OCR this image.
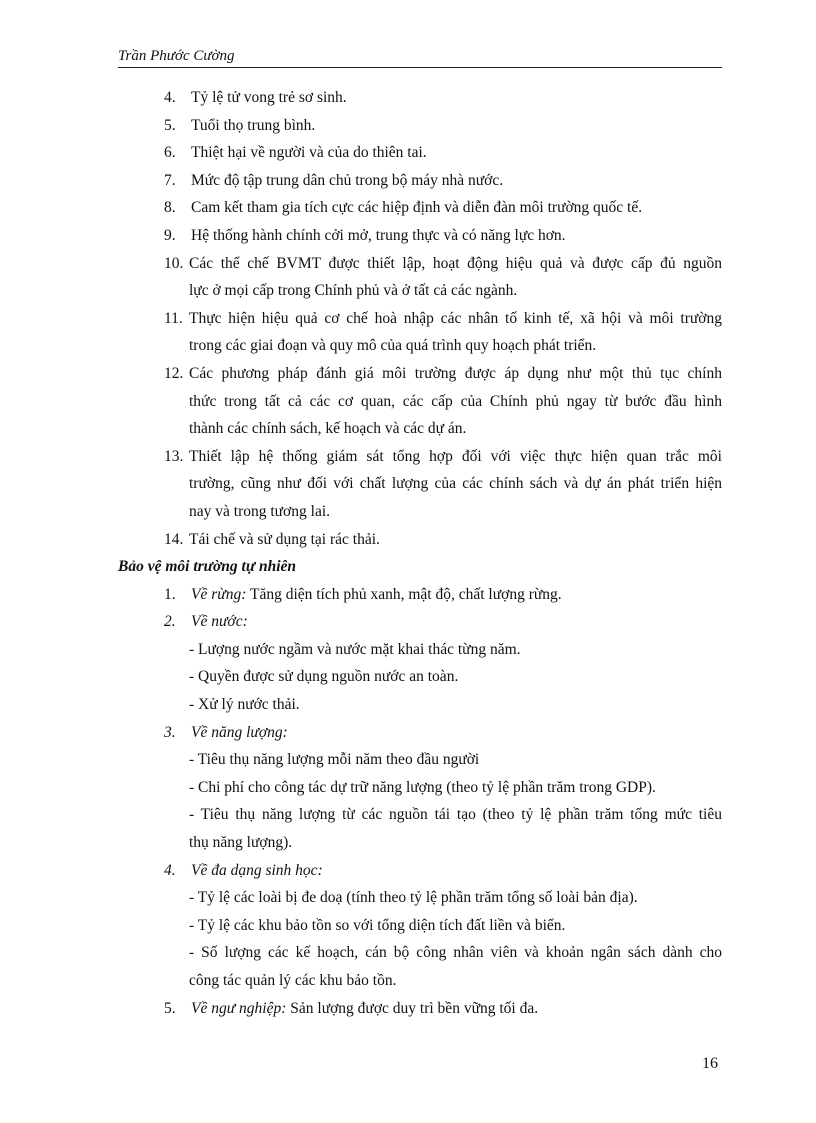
Trần Phước Cường
4. Tỷ lệ tử vong trẻ sơ sinh.
5. Tuổi thọ trung bình.
6. Thiệt hại về người và của do thiên tai.
7. Mức độ tập trung dân chủ trong bộ máy nhà nước.
8. Cam kết tham gia tích cực các hiệp định và diễn đàn môi trường quốc tế.
9. Hệ thống hành chính cởi mở, trung thực và có năng lực hơn.
10. Các thể chế BVMT được thiết lập, hoạt động hiệu quả và được cấp đủ nguồn
lực ở mọi cấp trong Chính phủ và ở tất cả các ngành.
11. Thực hiện hiệu quả cơ chế hoà nhập các nhân tố kinh tế, xã hội và môi trường
trong các giai đoạn và quy mô của quá trình quy hoạch phát triển.
12. Các phương pháp đánh giá môi trường được áp dụng như một thủ tục chính
thức trong tất cả các cơ quan, các cấp của Chính phủ ngay từ bước đầu hình
thành các chính sách, kế hoạch và các dự án.
13. Thiết lập hệ thống giám sát tổng hợp đối với việc thực hiện quan trắc môi
trường, cũng như đối với chất lượng của các chính sách và dự án phát triển hiện
nay và trong tương lai.
14. Tái chế và sử dụng tại rác thải.
Bảo vệ môi trường tự nhiên
1. Về rừng: Tăng diện tích phủ xanh, mật độ, chất lượng rừng.
2. Về nước:
- Lượng nước ngầm và nước mặt khai thác từng năm.
- Quyền được sử dụng nguồn nước an toàn.
- Xử lý nước thải.
3. Về năng lượng:
- Tiêu thụ năng lượng mỗi năm theo đầu người
- Chi phí cho công tác dự trữ năng lượng (theo tỷ lệ phần trăm trong GDP).
- Tiêu thụ năng lượng từ các nguồn tái tạo (theo tỷ lệ phần trăm tổng mức tiêu
thụ năng lượng).
4. Về đa dạng sinh học:
- Tỷ lệ các loài bị đe doạ (tính theo tỷ lệ phần trăm tổng số loài bản địa).
- Tỷ lệ các khu bảo tồn so với tổng diện tích đất liền và biển.
- Số lượng các kế hoạch, cán bộ công nhân viên và khoản ngân sách dành cho
công tác quản lý các khu bảo tồn.
5. Về ngư nghiệp: Sản lượng được duy trì bền vững tối đa.
16
